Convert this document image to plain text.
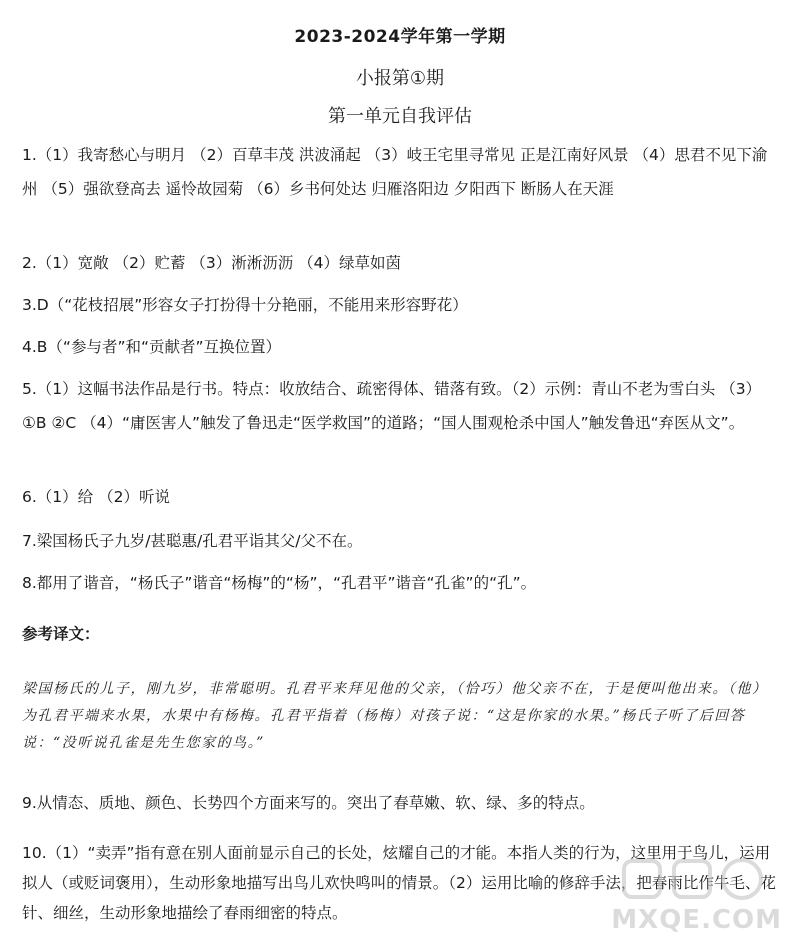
2023-2024学年第一学期
小报第①期
第一单元自我评估

1.（1）我寄愁心与明月 （2）百草丰茂 洪波涌起 （3）岐王宅里寻常见 正是江南好风景 （4）思君不见下渝州 （5）强欲登高去 遥怜故园菊 （6）乡书何处达 归雁洛阳边 夕阳西下 断肠人在天涯

2.（1）宽敞 （2）贮蓄 （3）淅淅沥沥 （4）绿草如茵

3.D（“花枝招展”形容女子打扮得十分艳丽，不能用来形容野花）

4.B（“参与者”和“贡献者”互换位置）

5.（1）这幅书法作品是行书。特点：收放结合、疏密得体、错落有致。（2）示例：青山不老为雪白头 （3）①B ②C （4）“庸医害人”触发了鲁迅走“医学救国”的道路；“国人围观枪杀中国人”触发鲁迅“弃医从文”。

6.（1）给 （2）听说

7.梁国杨氏子九岁/甚聪惠/孔君平诣其父/父不在。

8.都用了谐音，“杨氏子”谐音“杨梅”的“杨”，“孔君平”谐音“孔雀”的“孔”。

参考译文：

梁国杨氏的儿子，刚九岁，非常聪明。孔君平来拜见他的父亲，（恰巧）他父亲不在，于是便叫他出来。（他）为孔君平端来水果，水果中有杨梅。孔君平指着（杨梅）对孩子说：“这是你家的水果。”杨氏子听了后回答说：“没听说孔雀是先生您家的鸟。”

9.从情态、质地、颜色、长势四个方面来写的。突出了春草嫩、软、绿、多的特点。

10.（1）“卖弄”指有意在别人面前显示自己的长处，炫耀自己的才能。本指人类的行为，这里用于鸟儿，运用拟人（或贬词褒用），生动形象地描写出鸟儿欢快鸣叫的情景。（2）运用比喻的修辞手法，把春雨比作牛毛、花针、细丝，生动形象地描绘了春雨细密的特点。	MXQE.COM
